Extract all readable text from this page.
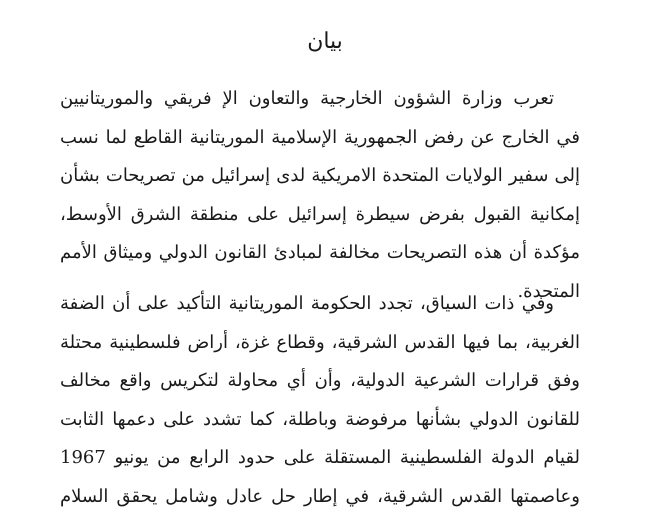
بيان
تعرب وزارة الشؤون الخارجية والتعاون الإ فريقي والموريتانيين
في الخارج عن رفض الجمهورية الإسلامية الموريتانية القاطع لما نسب
إلى سفير الولايات المتحدة الامريكية لدى إسرائيل من تصريحات بشأن
إمكانية القبول بفرض سيطرة إسرائيل على منطقة الشرق الأوسط،
مؤكدة أن هذه التصريحات مخالفة لمبادئ القانون الدولي وميثاق الأمم
المتحدة.
وفي ذات السياق، تجدد الحكومة الموريتانية التأكيد على أن الضفة
الغربية، بما فيها القدس الشرقية، وقطاع غزة، أراض فلسطينية محتلة
وفق قرارات الشرعية الدولية، وأن أي محاولة لتكريس واقع مخالف
للقانون الدولي بشأنها مرفوضة وباطلة، كما تشدد على دعمها الثابت
لقيام الدولة الفلسطينية المستقلة على حدود الرابع من يونيو 1967
وعاصمتها القدس الشرقية، في إطار حل عادل وشامل يحقق السلام
